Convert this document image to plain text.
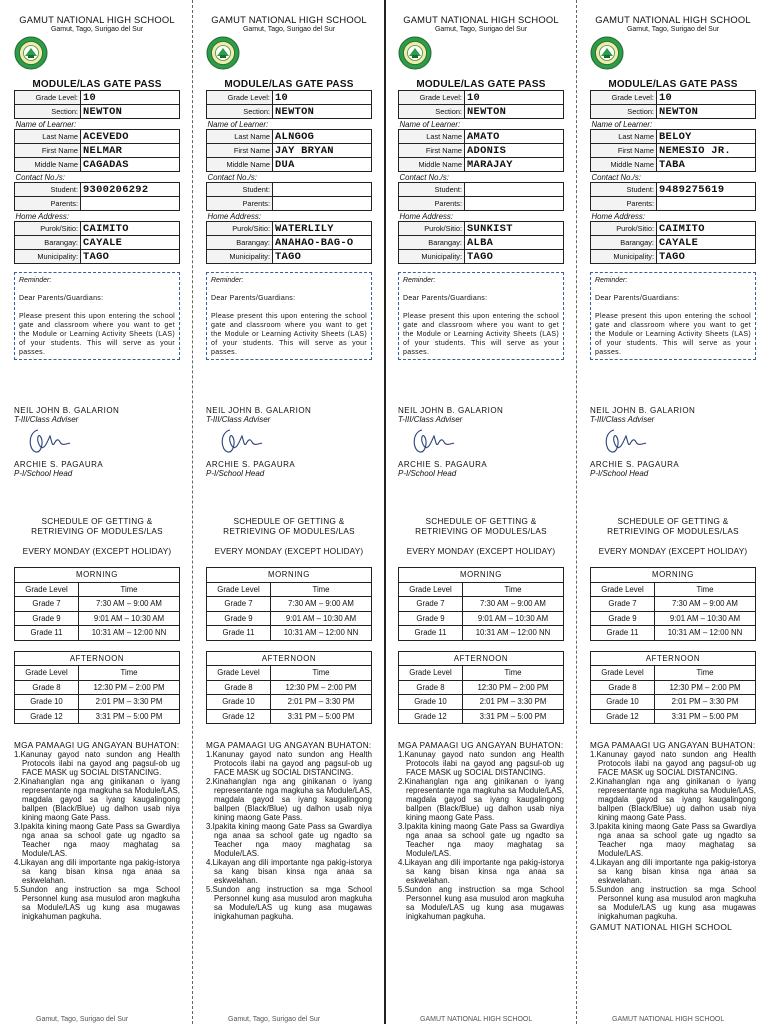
GAMUT NATIONAL HIGH SCHOOL
Gamut, Tago, Surigao del Sur
MODULE/LAS GATE PASS
Grade Level:	10
Section:	NEWTON
Name of Learner:	
Last Name	ACEVEDO
First Name	NELMAR
Middle Name	CAGADAS
Contact No./s:	
Student:	9300206292
Parents:	
Home Address:	
Purok/Sitio:	CAIMITO
Barangay:	CAYALE
Municipality:	TAGO
Reminder:
Dear Parents/Guardians:
Please present this upon entering the school gate and classroom where you want to get the Module or Learning Activity Sheets (LAS) of your students. This will serve as your passes.
NEIL JOHN B. GALARION
T-III/Class Adviser
ARCHIE S. PAGAURA
P-I/School Head
SCHEDULE OF GETTING &
RETRIEVING OF MODULES/LAS
EVERY MONDAY (EXCEPT HOLIDAY)
MORNING	
Grade Level	Time
Grade 7	7:30 AM – 9:00 AM
Grade 9	9:01 AM – 10:30 AM
Grade 11	10:31 AM – 12:00 NN
AFTERNOON	
Grade Level	Time
Grade 8	12:30 PM – 2:00 PM
Grade 10	2:01 PM – 3:30 PM
Grade 12	3:31 PM – 5:00 PM
MGA PAMAAGI UG ANGAYAN BUHATON:
1.Kanunay gayod nato sundon ang Health Protocols ilabi na gayod ang pagsul-ob ug FACE MASK ug SOCIAL DISTANCING.
2.Kinahanglan nga ang ginikanan o iyang representante nga magkuha sa Module/LAS, magdala gayod sa iyang kaugalingong ballpen (Black/Blue) ug dalhon usab niya kining maong Gate Pass.
3.Ipakita kining maong Gate Pass sa Gwardiya nga anaa sa school gate ug ngadto sa Teacher nga maoy maghatag sa Module/LAS.
4.Likayan ang dili importante nga pakig-istorya sa kang bisan kinsa nga anaa sa eskwelahan.
5.Sundon ang instruction sa mga School Personnel kung asa musulod aron magkuha sa Module/LAS ug kung asa mugawas inigkahuman pagkuha.
GAMUT NATIONAL HIGH SCHOOL
Gamut, Tago, Surigao del Sur
MODULE/LAS GATE PASS
Grade Level:	10
Section:	NEWTON
Name of Learner:	
Last Name	ALNGOG
First Name	JAY BRYAN
Middle Name	DUA
Contact No./s:	
Student:	
Parents:	
Home Address:	
Purok/Sitio:	WATERLILY
Barangay:	ANAHAO-BAG-O
Municipality:	TAGO
Reminder:
Dear Parents/Guardians:
Please present this upon entering the school gate and classroom where you want to get the Module or Learning Activity Sheets (LAS) of your students. This will serve as your passes.
NEIL JOHN B. GALARION
T-III/Class Adviser
ARCHIE S. PAGAURA
P-I/School Head
SCHEDULE OF GETTING &
RETRIEVING OF MODULES/LAS
EVERY MONDAY (EXCEPT HOLIDAY)
MORNING	
Grade Level	Time
Grade 7	7:30 AM – 9:00 AM
Grade 9	9:01 AM – 10:30 AM
Grade 11	10:31 AM – 12:00 NN
AFTERNOON	
Grade Level	Time
Grade 8	12:30 PM – 2:00 PM
Grade 10	2:01 PM – 3:30 PM
Grade 12	3:31 PM – 5:00 PM
MGA PAMAAGI UG ANGAYAN BUHATON:
1.Kanunay gayod nato sundon ang Health Protocols ilabi na gayod ang pagsul-ob ug FACE MASK ug SOCIAL DISTANCING.
2.Kinahanglan nga ang ginikanan o iyang representante nga magkuha sa Module/LAS, magdala gayod sa iyang kaugalingong ballpen (Black/Blue) ug dalhon usab niya kining maong Gate Pass.
3.Ipakita kining maong Gate Pass sa Gwardiya nga anaa sa school gate ug ngadto sa Teacher nga maoy maghatag sa Module/LAS.
4.Likayan ang dili importante nga pakig-istorya sa kang bisan kinsa nga anaa sa eskwelahan.
5.Sundon ang instruction sa mga School Personnel kung asa musulod aron magkuha sa Module/LAS ug kung asa mugawas inigkahuman pagkuha.
GAMUT NATIONAL HIGH SCHOOL
Gamut, Tago, Surigao del Sur
MODULE/LAS GATE PASS
Grade Level:	10
Section:	NEWTON
Name of Learner:	
Last Name	AMATO
First Name	ADONIS
Middle Name	MARAJAY
Contact No./s:	
Student:	
Parents:	
Home Address:	
Purok/Sitio:	SUNKIST
Barangay:	ALBA
Municipality:	TAGO
Reminder:
Dear Parents/Guardians:
Please present this upon entering the school gate and classroom where you want to get the Module or Learning Activity Sheets (LAS) of your students. This will serve as your passes.
NEIL JOHN B. GALARION
T-III/Class Adviser
ARCHIE S. PAGAURA
P-I/School Head
SCHEDULE OF GETTING &
RETRIEVING OF MODULES/LAS
EVERY MONDAY (EXCEPT HOLIDAY)
MORNING	
Grade Level	Time
Grade 7	7:30 AM – 9:00 AM
Grade 9	9:01 AM – 10:30 AM
Grade 11	10:31 AM – 12:00 NN
AFTERNOON	
Grade Level	Time
Grade 8	12:30 PM – 2:00 PM
Grade 10	2:01 PM – 3:30 PM
Grade 12	3:31 PM – 5:00 PM
MGA PAMAAGI UG ANGAYAN BUHATON:
1.Kanunay gayod nato sundon ang Health Protocols ilabi na gayod ang pagsul-ob ug FACE MASK ug SOCIAL DISTANCING.
2.Kinahanglan nga ang ginikanan o iyang representante nga magkuha sa Module/LAS, magdala gayod sa iyang kaugalingong ballpen (Black/Blue) ug dalhon usab niya kining maong Gate Pass.
3.Ipakita kining maong Gate Pass sa Gwardiya nga anaa sa school gate ug ngadto sa Teacher nga maoy maghatag sa Module/LAS.
4.Likayan ang dili importante nga pakig-istorya sa kang bisan kinsa nga anaa sa eskwelahan.
5.Sundon ang instruction sa mga School Personnel kung asa musulod aron magkuha sa Module/LAS ug kung asa mugawas inigkahuman pagkuha.
GAMUT NATIONAL HIGH SCHOOL
Gamut, Tago, Surigao del Sur
MODULE/LAS GATE PASS
Grade Level:	10
Section:	NEWTON
Name of Learner:	
Last Name	BELOY
First Name	NEMESIO JR.
Middle Name	TABA
Contact No./s:	
Student:	9489275619
Parents:	
Home Address:	
Purok/Sitio:	CAIMITO
Barangay:	CAYALE
Municipality:	TAGO
Reminder:
Dear Parents/Guardians:
Please present this upon entering the school gate and classroom where you want to get the Module or Learning Activity Sheets (LAS) of your students. This will serve as your passes.
NEIL JOHN B. GALARION
T-III/Class Adviser
ARCHIE S. PAGAURA
P-I/School Head
SCHEDULE OF GETTING &
RETRIEVING OF MODULES/LAS
EVERY MONDAY (EXCEPT HOLIDAY)
MORNING	
Grade Level	Time
Grade 7	7:30 AM – 9:00 AM
Grade 9	9:01 AM – 10:30 AM
Grade 11	10:31 AM – 12:00 NN
AFTERNOON	
Grade Level	Time
Grade 8	12:30 PM – 2:00 PM
Grade 10	2:01 PM – 3:30 PM
Grade 12	3:31 PM – 5:00 PM
MGA PAMAAGI UG ANGAYAN BUHATON:
1.Kanunay gayod nato sundon ang Health Protocols ilabi na gayod ang pagsul-ob ug FACE MASK ug SOCIAL DISTANCING.
2.Kinahanglan nga ang ginikanan o iyang representante nga magkuha sa Module/LAS, magdala gayod sa iyang kaugalingong ballpen (Black/Blue) ug dalhon usab niya kining maong Gate Pass.
3.Ipakita kining maong Gate Pass sa Gwardiya nga anaa sa school gate ug ngadto sa Teacher nga maoy maghatag sa Module/LAS.
4.Likayan ang dili importante nga pakig-istorya sa kang bisan kinsa nga anaa sa eskwelahan.
5.Sundon ang instruction sa mga School Personnel kung asa musulod aron magkuha sa Module/LAS ug kung asa mugawas inigkahuman pagkuha.
GAMUT NATIONAL HIGH SCHOOL
Gamut, Tago, Surigao del Sur	Gamut, Tago, Surigao del Sur	GAMUT NATIONAL HIGH SCHOOL	GAMUT NATIONAL HIGH SCHOOL
